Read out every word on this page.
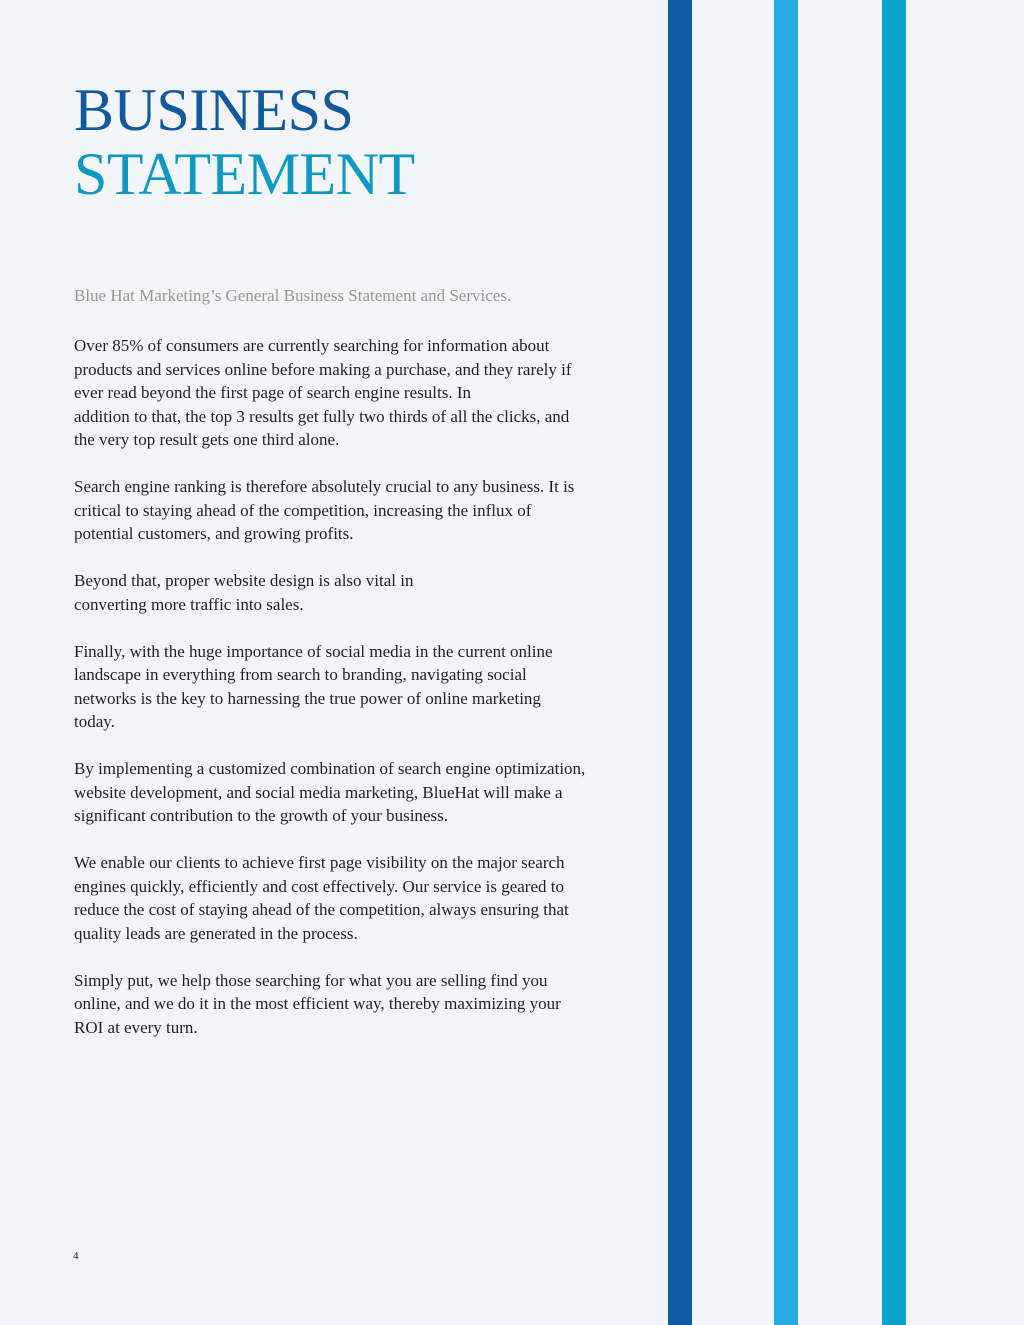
BUSINESS
STATEMENT

Blue Hat Marketing’s General Business Statement and Services.

Over 85% of consumers are currently searching for information about
products and services online before making a purchase, and they rarely if
ever read beyond the first page of search engine results. In
addition to that, the top 3 results get fully two thirds of all the clicks, and
the very top result gets one third alone.

Search engine ranking is therefore absolutely crucial to any business. It is
critical to staying ahead of the competition, increasing the influx of
potential customers, and growing profits.

Beyond that, proper website design is also vital in
converting more traffic into sales.

Finally, with the huge importance of social media in the current online
landscape in everything from search to branding, navigating social
networks is the key to harnessing the true power of online marketing
today.

By implementing a customized combination of search engine optimization,
website development, and social media marketing, BlueHat will make a
significant contribution to the growth of your business.

We enable our clients to achieve first page visibility on the major search
engines quickly, efficiently and cost effectively. Our service is geared to
reduce the cost of staying ahead of the competition, always ensuring that
quality leads are generated in the process.

Simply put, we help those searching for what you are selling find you
online, and we do it in the most efficient way, thereby maximizing your
ROI at every turn.

4
